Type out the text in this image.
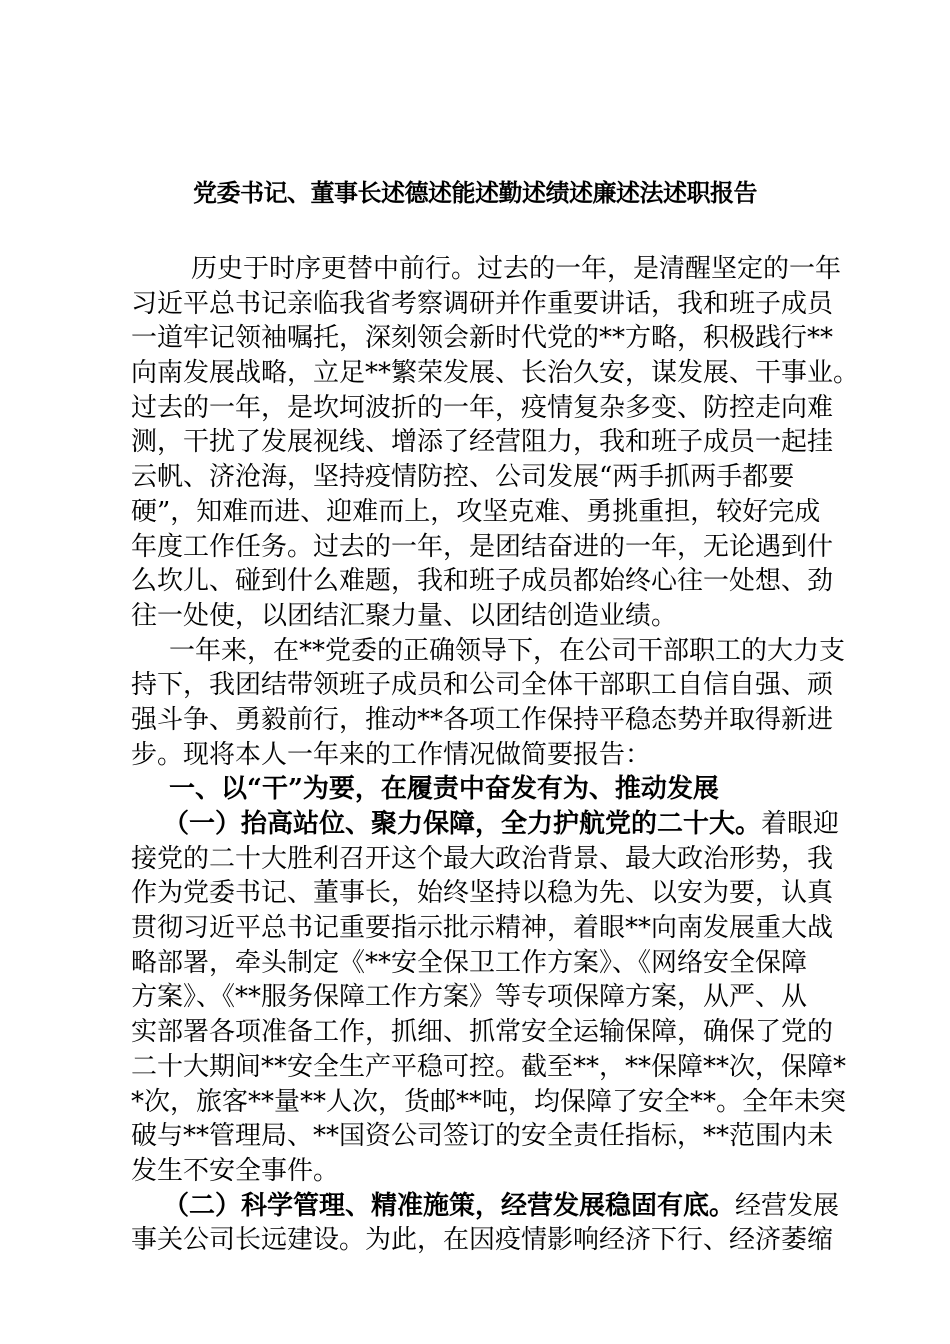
党委书记、董事长述德述能述勤述绩述廉述法述职报告
历史于时序更替中前行。过去的一年，是清醒坚定的一年
习近平总书记亲临我省考察调研并作重要讲话，我和班子成员
一道牢记领袖嘱托，深刻领会新时代党的**方略，积极践行**
向南发展战略，立足**繁荣发展、长治久安，谋发展、干事业。
过去的一年，是坎坷波折的一年，疫情复杂多变、防控走向难
测，干扰了发展视线、增添了经营阻力，我和班子成员一起挂
云帆、济沧海，坚持疫情防控、公司发展“两手抓两手都要
硬”，知难而进、迎难而上，攻坚克难、勇挑重担，较好完成
年度工作任务。过去的一年，是团结奋进的一年，无论遇到什
么坎儿、碰到什么难题，我和班子成员都始终心往一处想、劲
往一处使，以团结汇聚力量、以团结创造业绩。
一年来，在**党委的正确领导下，在公司干部职工的大力支
持下，我团结带领班子成员和公司全体干部职工自信自强、顽
强斗争、勇毅前行，推动**各项工作保持平稳态势并取得新进
步。现将本人一年来的工作情况做简要报告：
一、以“干”为要，在履责中奋发有为、推动发展
（一）抬高站位、聚力保障，全力护航党的二十大。着眼迎
接党的二十大胜利召开这个最大政治背景、最大政治形势，我
作为党委书记、董事长，始终坚持以稳为先、以安为要，认真
贯彻习近平总书记重要指示批示精神，着眼**向南发展重大战
略部署，牵头制定《**安全保卫工作方案》、《网络安全保障
方案》、《**服务保障工作方案》等专项保障方案，从严、从
实部署各项准备工作，抓细、抓常安全运输保障，确保了党的
二十大期间**安全生产平稳可控。截至**，**保障**次，保障*
*次，旅客**量**人次，货邮**吨，均保障了安全**。全年未突
破与**管理局、**国资公司签订的安全责任指标，**范围内未
发生不安全事件。
（二）科学管理、精准施策，经营发展稳固有底。经营发展
事关公司长远建设。为此，在因疫情影响经济下行、经济萎缩
